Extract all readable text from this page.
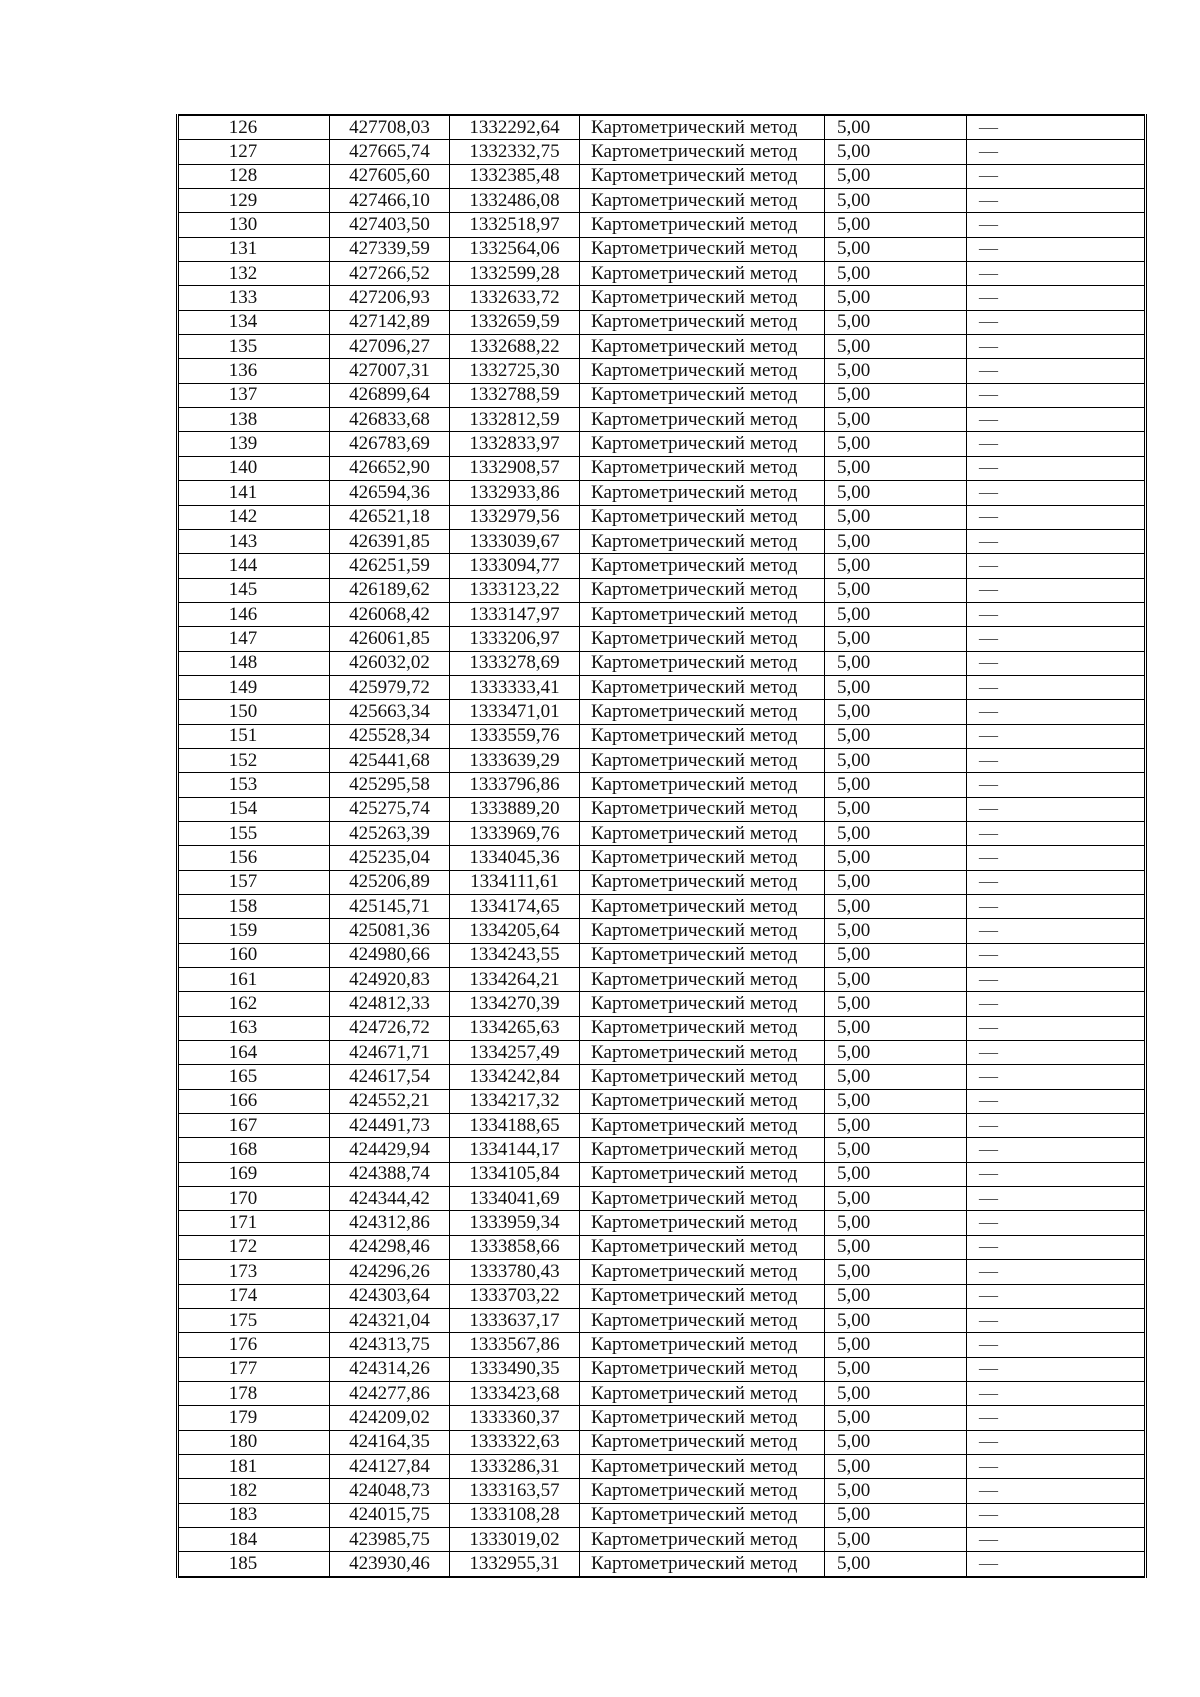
126	427708,03	1332292,64	Картометрический метод	5,00	—
127	427665,74	1332332,75	Картометрический метод	5,00	—
128	427605,60	1332385,48	Картометрический метод	5,00	—
129	427466,10	1332486,08	Картометрический метод	5,00	—
130	427403,50	1332518,97	Картометрический метод	5,00	—
131	427339,59	1332564,06	Картометрический метод	5,00	—
132	427266,52	1332599,28	Картометрический метод	5,00	—
133	427206,93	1332633,72	Картометрический метод	5,00	—
134	427142,89	1332659,59	Картометрический метод	5,00	—
135	427096,27	1332688,22	Картометрический метод	5,00	—
136	427007,31	1332725,30	Картометрический метод	5,00	—
137	426899,64	1332788,59	Картометрический метод	5,00	—
138	426833,68	1332812,59	Картометрический метод	5,00	—
139	426783,69	1332833,97	Картометрический метод	5,00	—
140	426652,90	1332908,57	Картометрический метод	5,00	—
141	426594,36	1332933,86	Картометрический метод	5,00	—
142	426521,18	1332979,56	Картометрический метод	5,00	—
143	426391,85	1333039,67	Картометрический метод	5,00	—
144	426251,59	1333094,77	Картометрический метод	5,00	—
145	426189,62	1333123,22	Картометрический метод	5,00	—
146	426068,42	1333147,97	Картометрический метод	5,00	—
147	426061,85	1333206,97	Картометрический метод	5,00	—
148	426032,02	1333278,69	Картометрический метод	5,00	—
149	425979,72	1333333,41	Картометрический метод	5,00	—
150	425663,34	1333471,01	Картометрический метод	5,00	—
151	425528,34	1333559,76	Картометрический метод	5,00	—
152	425441,68	1333639,29	Картометрический метод	5,00	—
153	425295,58	1333796,86	Картометрический метод	5,00	—
154	425275,74	1333889,20	Картометрический метод	5,00	—
155	425263,39	1333969,76	Картометрический метод	5,00	—
156	425235,04	1334045,36	Картометрический метод	5,00	—
157	425206,89	1334111,61	Картометрический метод	5,00	—
158	425145,71	1334174,65	Картометрический метод	5,00	—
159	425081,36	1334205,64	Картометрический метод	5,00	—
160	424980,66	1334243,55	Картометрический метод	5,00	—
161	424920,83	1334264,21	Картометрический метод	5,00	—
162	424812,33	1334270,39	Картометрический метод	5,00	—
163	424726,72	1334265,63	Картометрический метод	5,00	—
164	424671,71	1334257,49	Картометрический метод	5,00	—
165	424617,54	1334242,84	Картометрический метод	5,00	—
166	424552,21	1334217,32	Картометрический метод	5,00	—
167	424491,73	1334188,65	Картометрический метод	5,00	—
168	424429,94	1334144,17	Картометрический метод	5,00	—
169	424388,74	1334105,84	Картометрический метод	5,00	—
170	424344,42	1334041,69	Картометрический метод	5,00	—
171	424312,86	1333959,34	Картометрический метод	5,00	—
172	424298,46	1333858,66	Картометрический метод	5,00	—
173	424296,26	1333780,43	Картометрический метод	5,00	—
174	424303,64	1333703,22	Картометрический метод	5,00	—
175	424321,04	1333637,17	Картометрический метод	5,00	—
176	424313,75	1333567,86	Картометрический метод	5,00	—
177	424314,26	1333490,35	Картометрический метод	5,00	—
178	424277,86	1333423,68	Картометрический метод	5,00	—
179	424209,02	1333360,37	Картометрический метод	5,00	—
180	424164,35	1333322,63	Картометрический метод	5,00	—
181	424127,84	1333286,31	Картометрический метод	5,00	—
182	424048,73	1333163,57	Картометрический метод	5,00	—
183	424015,75	1333108,28	Картометрический метод	5,00	—
184	423985,75	1333019,02	Картометрический метод	5,00	—
185	423930,46	1332955,31	Картометрический метод	5,00	—
